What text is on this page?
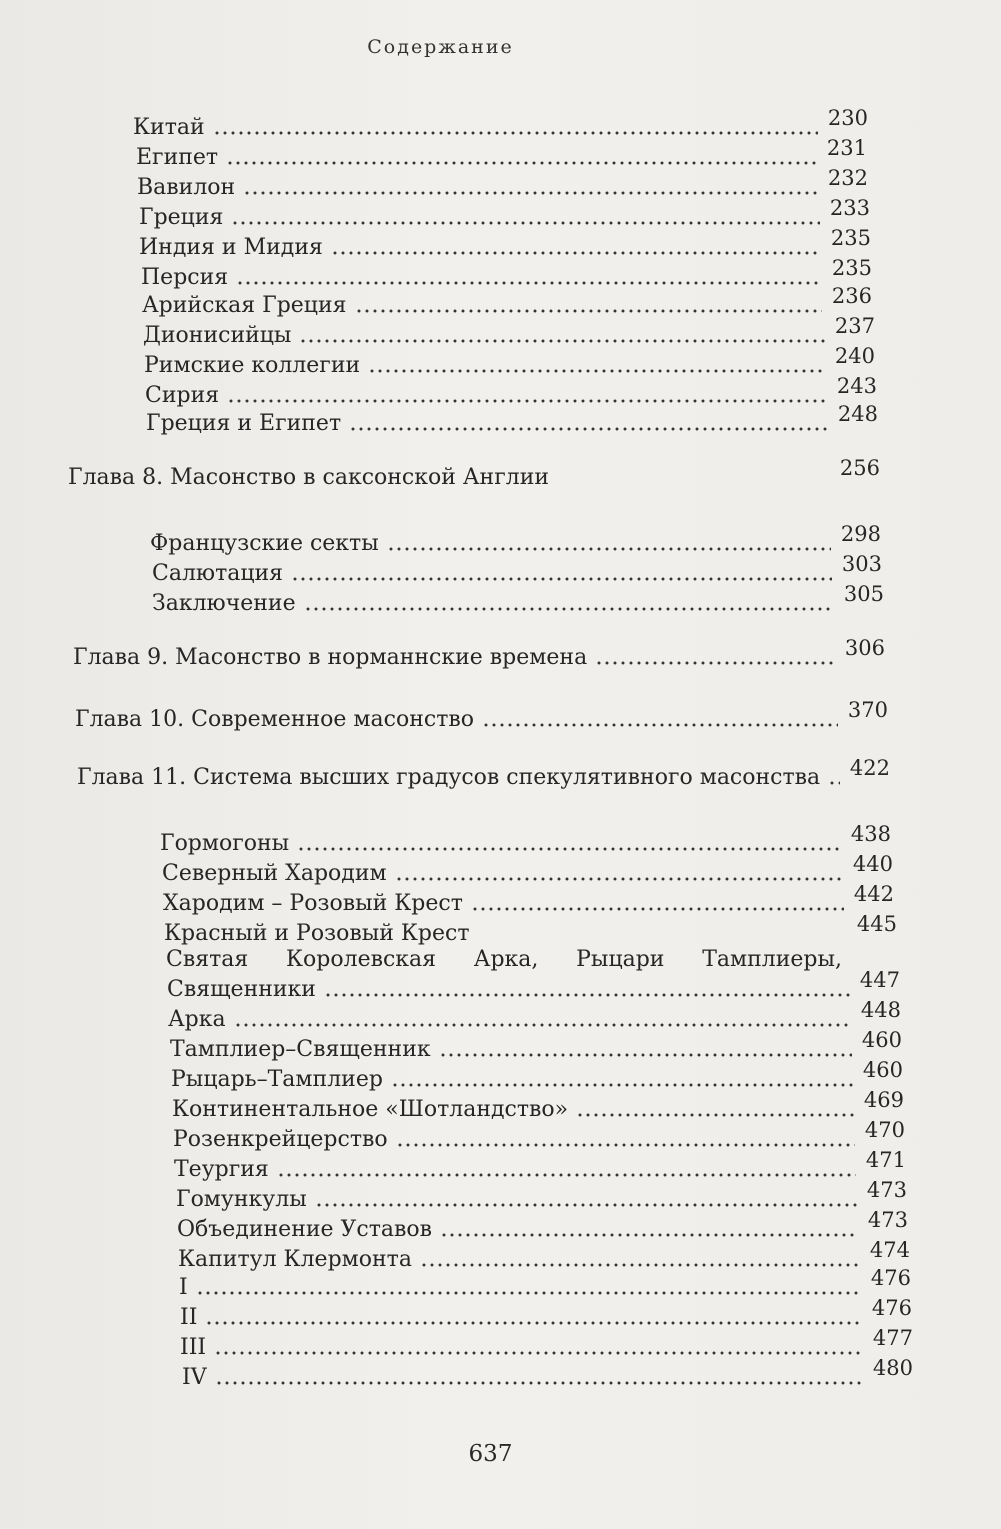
Содержание
Китай	230
Египет	231
Вавилон	232
Греция	233
Индия и Мидия	235
Персия	235
Арийская Греция	236
Дионисийцы	237
Римские коллегии	240
Сирия	243
Греция и Египет	248
Глава 8. Масонство в саксонской Англии	256
Французские секты	298
Салютация	303
Заключение	305
Глава 9. Масонство в норманнские времена	306
Глава 10. Современное масонство	370
Глава 11. Система высших градусов спекулятивного масонства 422
Гормогоны	438
Северный Хародим	440
Хародим – Розовый Крест	442
Красный и Розовый Крест	445
Святая Королевская Арка, Рыцари Тамплиеры,
Священники	447
Арка	448
Тамплиер–Священник	460
Рыцарь–Тамплиер	460
Континентальное «Шотландство»	469
Розенкрейцерство	470
Теургия	471
Гомункулы	473
Объединение Уставов	473
Капитул Клермонта	474
I	476
II	476
III	477
IV	480
637
